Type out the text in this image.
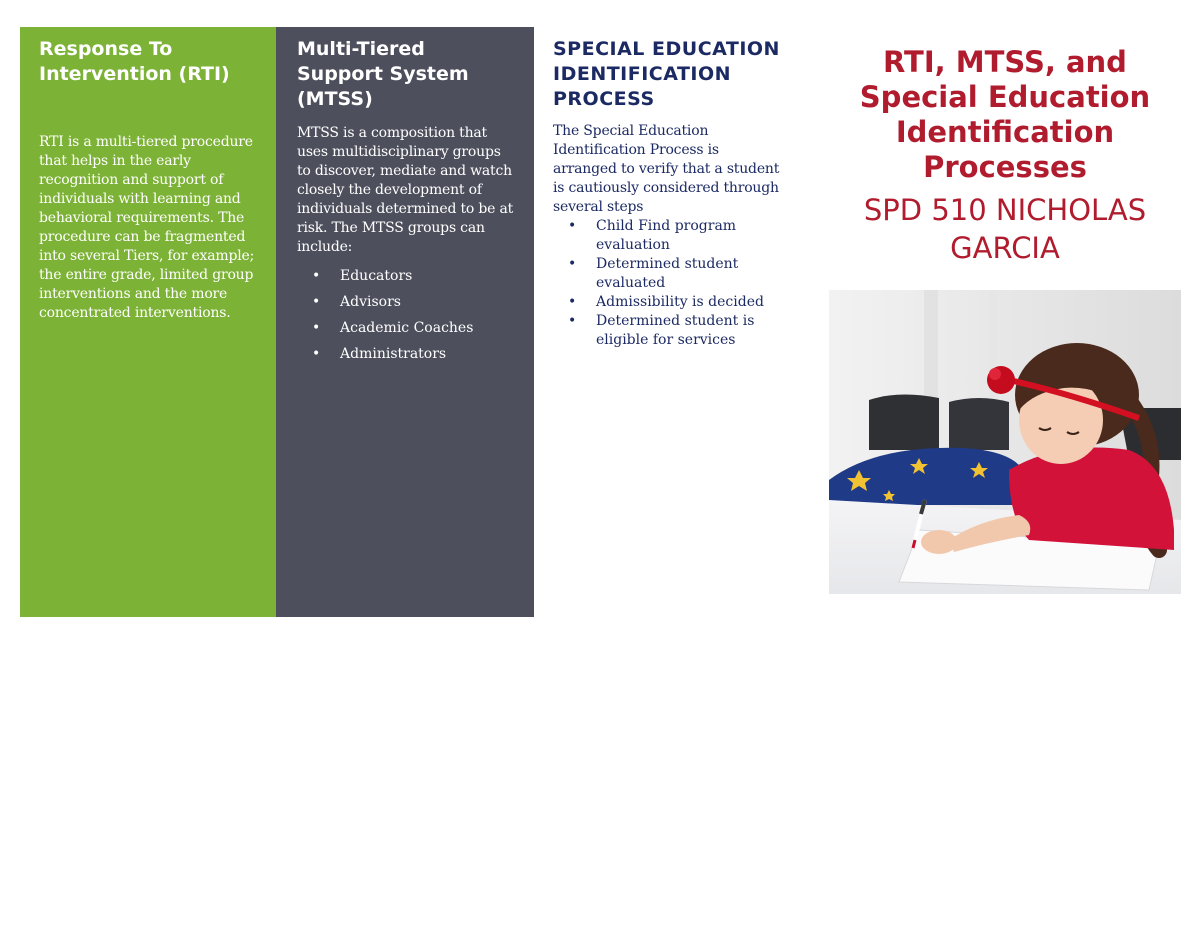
Response To Intervention (RTI)

RTI is a multi-tiered procedure that helps in the early recognition and support of individuals with learning and behavioral requirements. The procedure can be fragmented into several Tiers, for example; the entire grade, limited group interventions and the more concentrated interventions.

Multi-Tiered Support System (MTSS)

MTSS is a composition that uses multidisciplinary groups to discover, mediate and watch closely the development of individuals determined to be at risk. The MTSS groups can include:

• Educators
• Advisors
• Academic Coaches
• Administrators
SPECIAL EDUCATION IDENTIFICATION PROCESS

The Special Education Identification Process is arranged to verify that a student is cautiously considered through several steps

• Child Find program evaluation
• Determined student evaluated
• Admissibility is decided
• Determined student is eligible for services
RTI, MTSS, and Special Education Identification Processes

SPD 510 NICHOLAS GARCIA
